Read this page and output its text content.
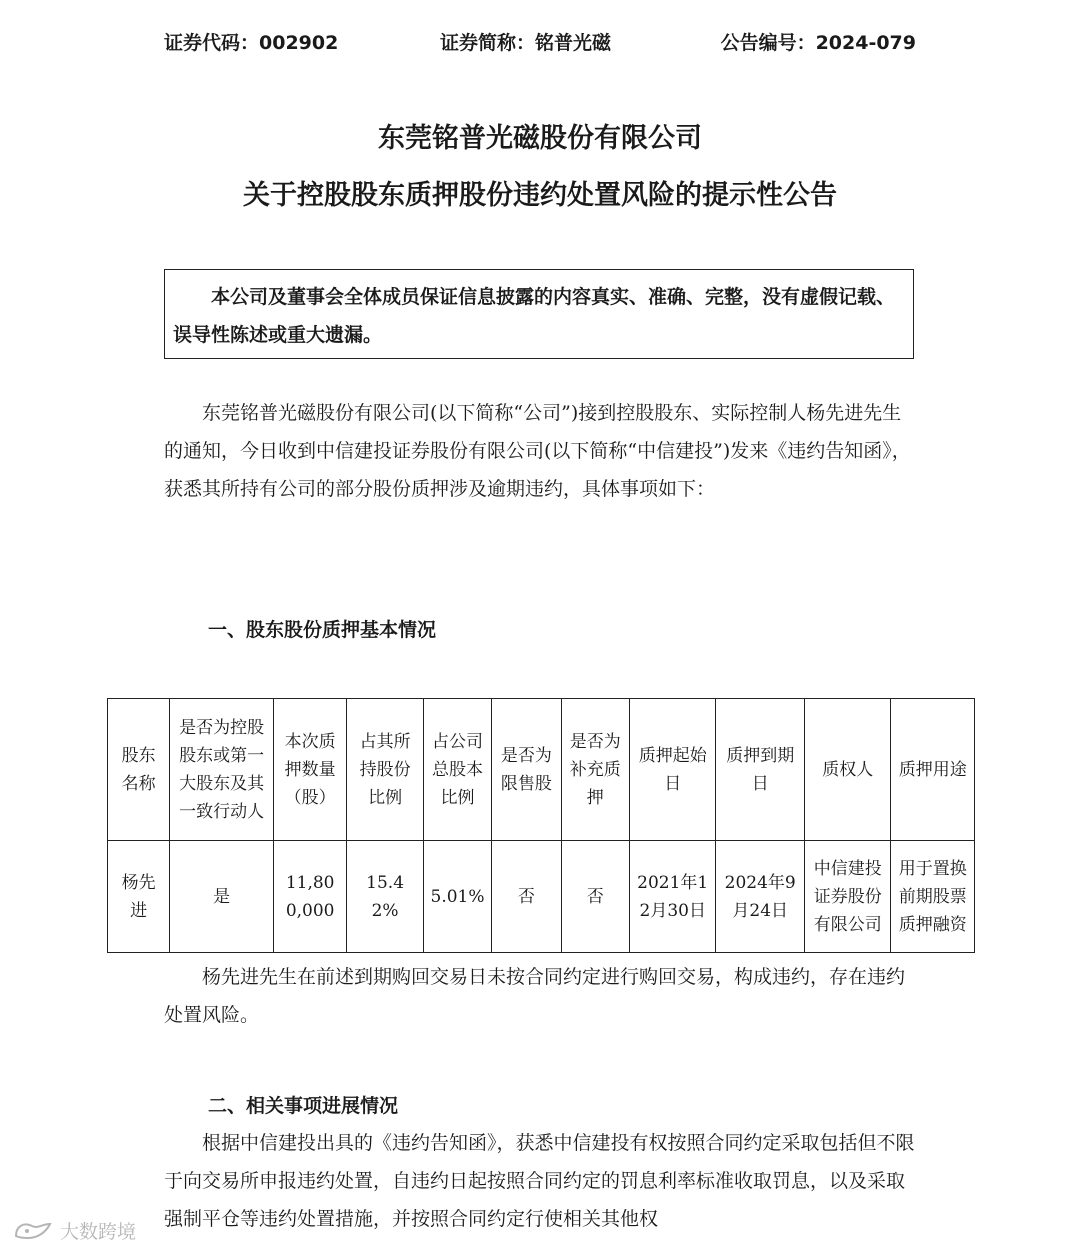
证券代码：002902	证券简称：铭普光磁	公告编号：2024-079
东莞铭普光磁股份有限公司
关于控股股东质押股份违约处置风险的提示性公告
本公司及董事会全体成员保证信息披露的内容真实、准确、完整，没有虚假记载、误导性陈述或重大遗漏。
东莞铭普光磁股份有限公司(以下简称“公司”)接到控股股东、实际控制人杨先进先生的通知，今日收到中信建投证券股份有限公司(以下简称“中信建投”)发来《违约告知函》，获悉其所持有公司的部分股份质押涉及逾期违约，具体事项如下：
一、股东股份质押基本情况
股东名称	是否为控股股东或第一大股东及其一致行动人	本次质押数量（股）	占其所持股份比例	占公司总股本比例	是否为限售股	是否为补充质押	质押起始日	质押到期日	质权人	质押用途
杨先进	是	11,800,000	15.42%	5.01%	否	否	2021年12月30日	2024年9月24日	中信建投证券股份有限公司	用于置换前期股票质押融资
杨先进先生在前述到期购回交易日未按合同约定进行购回交易，构成违约，存在违约处置风险。
二、相关事项进展情况
根据中信建投出具的《违约告知函》，获悉中信建投有权按照合同约定采取包括但不限于向交易所申报违约处置，自违约日起按照合同约定的罚息利率标准收取罚息，以及采取强制平仓等违约处置措施，并按照合同约定行使相关其他权
大数跨境
